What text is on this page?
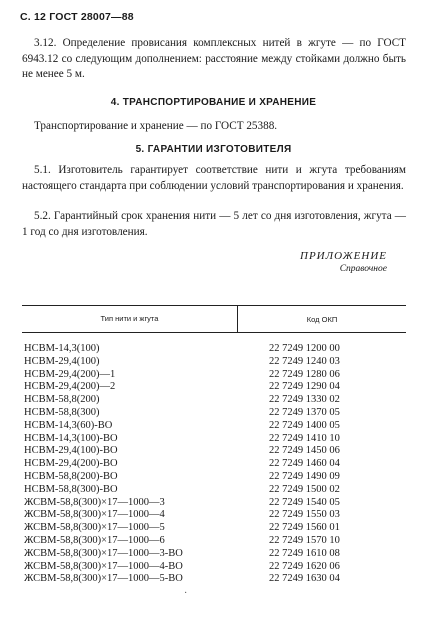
С. 12 ГОСТ 28007—88
3.12. Определение провисания комплексных нитей в жгуте — по ГОСТ 6943.12 со следующим дополнением: расстояние между стойками должно быть не менее 5 м.
4. ТРАНСПОРТИРОВАНИЕ И ХРАНЕНИЕ
Транспортирование и хранение — по ГОСТ 25388.
5. ГАРАНТИИ ИЗГОТОВИТЕЛЯ
5.1. Изготовитель гарантирует соответствие нити и жгута требованиям настоящего стандарта при соблюдении условий транспортирования и хранения.
5.2. Гарантийный срок хранения нити — 5 лет со дня изготовления, жгута — 1 год со дня изготовления.
ПРИЛОЖЕНИЕ
Справочное
Тип нити и жгута	Код ОКП
НСВМ-14,3(100)	22 7249 1200 00
НСВМ-29,4(100)	22 7249 1240 03
НСВМ-29,4(200)—1	22 7249 1280 06
НСВМ-29,4(200)—2	22 7249 1290 04
НСВМ-58,8(200)	22 7249 1330 02
НСВМ-58,8(300)	22 7249 1370 05
НСВМ-14,3(60)-ВО	22 7249 1400 05
НСВМ-14,3(100)-ВО	22 7249 1410 10
НСВМ-29,4(100)-ВО	22 7249 1450 06
НСВМ-29,4(200)-ВО	22 7249 1460 04
НСВМ-58,8(200)-ВО	22 7249 1490 09
НСВМ-58,8(300)-ВО	22 7249 1500 02
ЖСВМ-58,8(300)×17—1000—3	22 7249 1540 05
ЖСВМ-58,8(300)×17—1000—4	22 7249 1550 03
ЖСВМ-58,8(300)×17—1000—5	22 7249 1560 01
ЖСВМ-58,8(300)×17—1000—6	22 7249 1570 10
ЖСВМ-58,8(300)×17—1000—3-ВО	22 7249 1610 08
ЖСВМ-58,8(300)×17—1000—4-ВО	22 7249 1620 06
ЖСВМ-58,8(300)×17—1000—5-ВО	22 7249 1630 04
·
